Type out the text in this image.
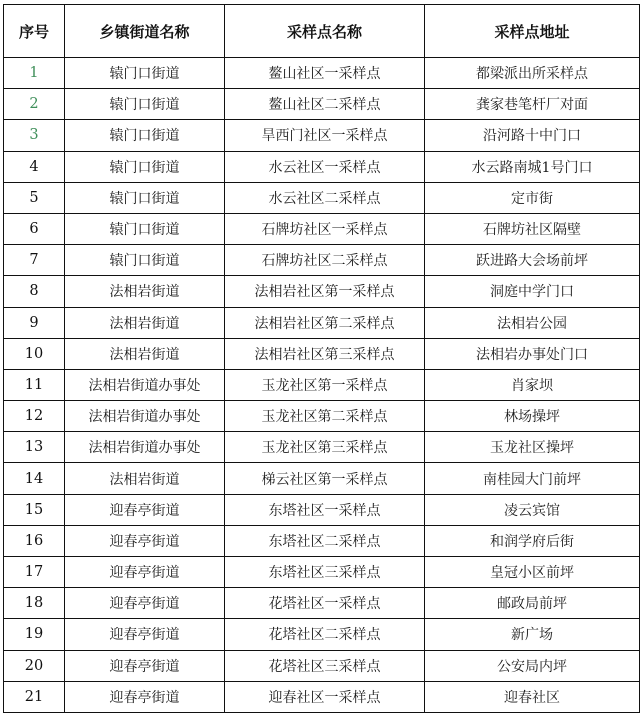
序号	乡镇街道名称	采样点名称	采样点地址
1	辕门口街道	鳌山社区一采样点	都梁派出所采样点
2	辕门口街道	鳌山社区二采样点	龚家巷笔杆厂对面
3	辕门口街道	旱西门社区一采样点	沿河路十中门口
4	辕门口街道	水云社区一采样点	水云路南城1号门口
5	辕门口街道	水云社区二采样点	定市街
6	辕门口街道	石牌坊社区一采样点	石牌坊社区隔壁
7	辕门口街道	石牌坊社区二采样点	跃进路大会场前坪
8	法相岩街道	法相岩社区第一采样点	洞庭中学门口
9	法相岩街道	法相岩社区第二采样点	法相岩公园
10	法相岩街道	法相岩社区第三采样点	法相岩办事处门口
11	法相岩街道办事处	玉龙社区第一采样点	肖家坝
12	法相岩街道办事处	玉龙社区第二采样点	林场操坪
13	法相岩街道办事处	玉龙社区第三采样点	玉龙社区操坪
14	法相岩街道	梯云社区第一采样点	南桂园大门前坪
15	迎春亭街道	东塔社区一采样点	凌云宾馆
16	迎春亭街道	东塔社区二采样点	和润学府后街
17	迎春亭街道	东塔社区三采样点	皇冠小区前坪
18	迎春亭街道	花塔社区一采样点	邮政局前坪
19	迎春亭街道	花塔社区二采样点	新广场
20	迎春亭街道	花塔社区三采样点	公安局内坪
21	迎春亭街道	迎春社区一采样点	迎春社区
